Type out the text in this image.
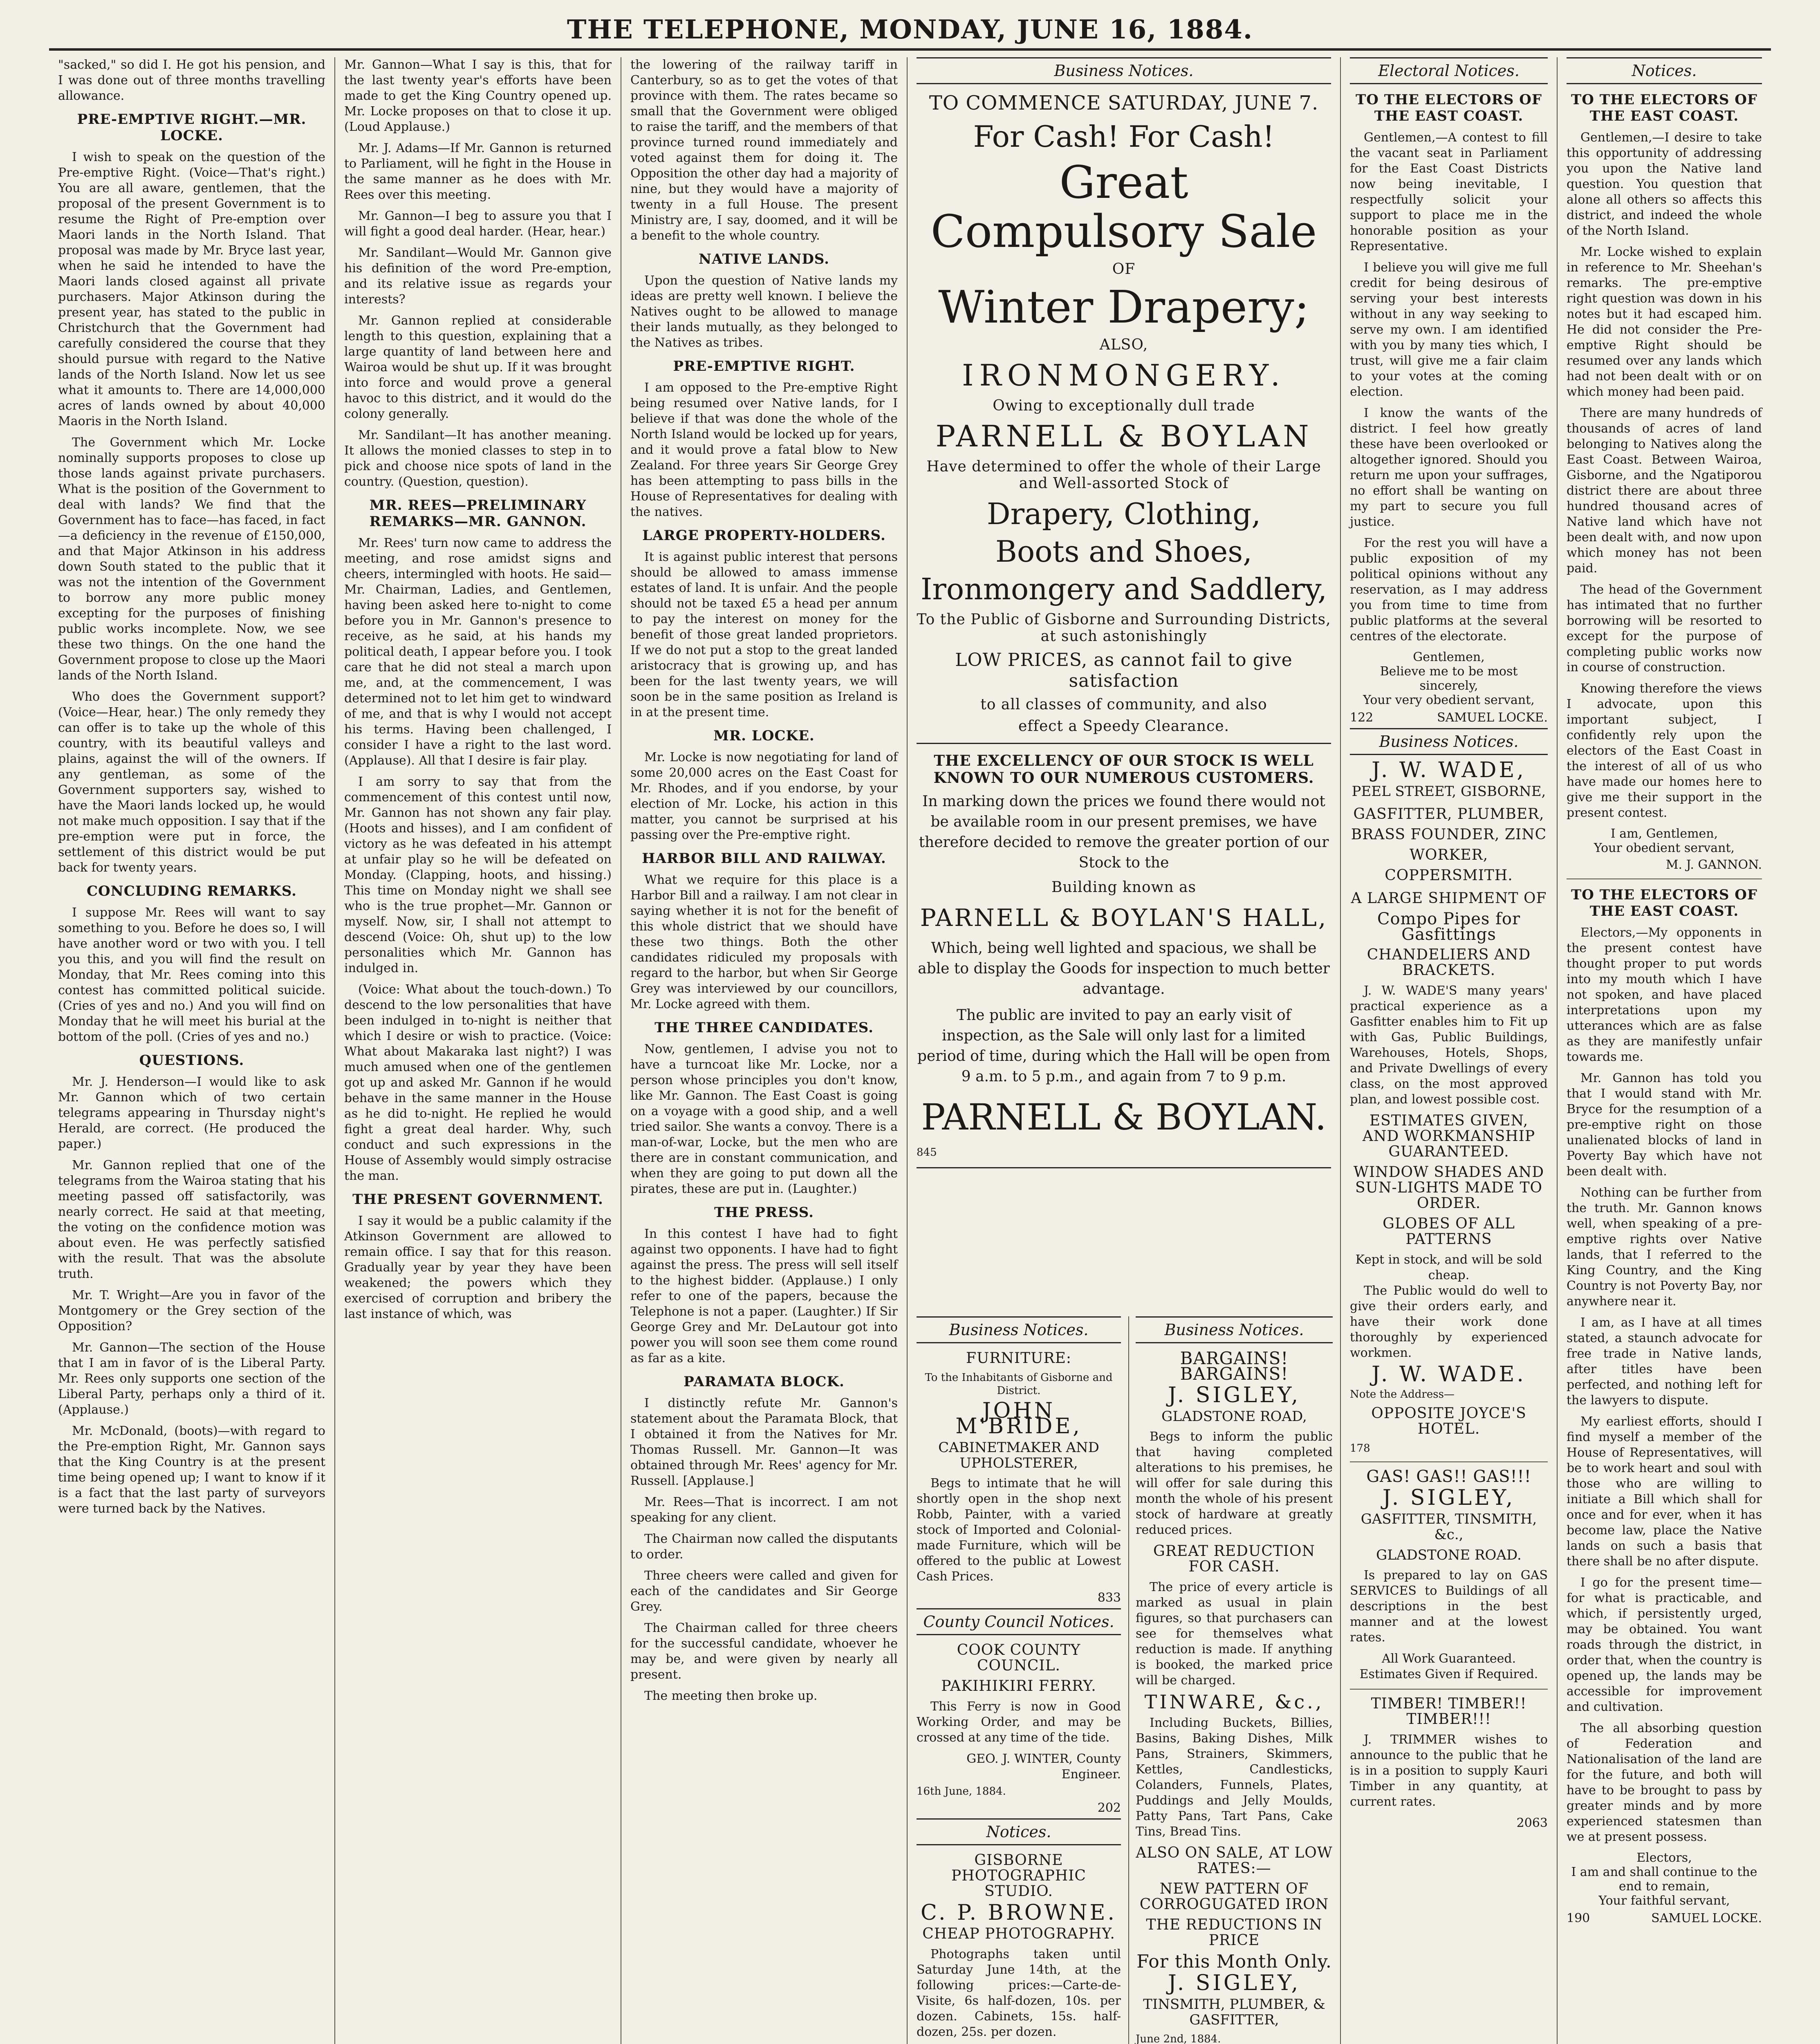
THE TELEPHONE, MONDAY, JUNE 16, 1884.

"sacked," so did I. He got his pension, and I was done out of three months travelling allowance.

PRE-EMPTIVE RIGHT.—MR. LOCKE.

I wish to speak on the question of the Pre-emptive Right. (Voice—That's right.) You are all aware, gentlemen, that the proposal of the present Government is to resume the Right of Pre-emption over Maori lands in the North Island. That proposal was made by Mr. Bryce last year, when he said he intended to have the Maori lands closed against all private purchasers. Major Atkinson during the present year, has stated to the public in Christchurch that the Government had carefully considered the course that they should pursue with regard to the Native lands of the North Island. Now let us see what it amounts to. There are 14,000,000 acres of lands owned by about 40,000 Maoris in the North Island.

The Government which Mr. Locke nominally supports proposes to close up those lands against private purchasers. What is the position of the Government to deal with lands? We find that the Government has to face—has faced, in fact—a deficiency in the revenue of £150,000, and that Major Atkinson in his address down South stated to the public that it was not the intention of the Government to borrow any more public money excepting for the purposes of finishing public works incomplete. Now, we see these two things. On the one hand the Government propose to close up the Maori lands of the North Island.

Who does the Government support? (Voice—Hear, hear.) The only remedy they can offer is to take up the whole of this country, with its beautiful valleys and plains, against the will of the owners. If any gentleman, as some of the Government supporters say, wished to have the Maori lands locked up, he would not make much opposition. I say that if the pre-emption were put in force, the settlement of this district would be put back for twenty years.

CONCLUDING REMARKS.

I suppose Mr. Rees will want to say something to you. Before he does so, I will have another word or two with you. I tell you this, and you will find the result on Monday, that Mr. Rees coming into this contest has committed political suicide. (Cries of yes and no.) And you will find on Monday that he will meet his burial at the bottom of the poll. (Cries of yes and no.)

QUESTIONS.

Mr. J. Henderson—I would like to ask Mr. Gannon which of two certain telegrams appearing in Thursday night's Herald, are correct. (He produced the paper.)

Mr. Gannon replied that one of the telegrams from the Wairoa stating that his meeting passed off satisfactorily, was nearly correct. He said at that meeting, the voting on the confidence motion was about even. He was perfectly satisfied with the result. That was the absolute truth.

Mr. T. Wright—Are you in favor of the Montgomery or the Grey section of the Opposition?

Mr. Gannon—The section of the House that I am in favor of is the Liberal Party. Mr. Rees only supports one section of the Liberal Party, perhaps only a third of it. (Applause.)

Mr. McDonald, (boots)—with regard to the Pre-emption Right, Mr. Gannon says that the King Country is at the present time being opened up; I want to know if it is a fact that the last party of surveyors were turned back by the Natives.

Mr. Gannon—What I say is this, that for the last twenty year's efforts have been made to get the King Country opened up. Mr. Locke proposes on that to close it up. (Loud Applause.)

Mr. J. Adams—If Mr. Gannon is returned to Parliament, will he fight in the House in the same manner as he does with Mr. Rees over this meeting.

Mr. Gannon—I beg to assure you that I will fight a good deal harder. (Hear, hear.)

Mr. Sandilant—Would Mr. Gannon give his definition of the word Pre-emption, and its relative issue as regards your interests?

Mr. Gannon replied at considerable length to this question, explaining that a large quantity of land between here and Wairoa would be shut up. If it was brought into force and would prove a general havoc to this district, and it would do the colony generally.

Mr. Sandilant—It has another meaning. It allows the monied classes to step in to pick and choose nice spots of land in the country. (Question, question).

MR. REES—PRELIMINARY REMARKS—MR. GANNON.

Mr. Rees' turn now came to address the meeting, and rose amidst signs and cheers, intermingled with hoots. He said—Mr. Chairman, Ladies, and Gentlemen, having been asked here to-night to come before you in Mr. Gannon's presence to receive, as he said, at his hands my political death, I appear before you. I took care that he did not steal a march upon me, and, at the commencement, I was determined not to let him get to windward of me, and that is why I would not accept his terms. Having been challenged, I consider I have a right to the last word. (Applause). All that I desire is fair play.

I am sorry to say that from the commencement of this contest until now, Mr. Gannon has not shown any fair play. (Hoots and hisses), and I am confident of victory as he was defeated in his attempt at unfair play so he will be defeated on Monday. (Clapping, hoots, and hissing.) This time on Monday night we shall see who is the true prophet—Mr. Gannon or myself. Now, sir, I shall not attempt to descend (Voice: Oh, shut up) to the low personalities which Mr. Gannon has indulged in.

(Voice: What about the touch-down.) To descend to the low personalities that have been indulged in to-night is neither that which I desire or wish to practice. (Voice: What about Makaraka last night?) I was much amused when one of the gentlemen got up and asked Mr. Gannon if he would behave in the same manner in the House as he did to-night. He replied he would fight a great deal harder. Why, such conduct and such expressions in the House of Assembly would simply ostracise the man.

THE PRESENT GOVERNMENT.

I say it would be a public calamity if the Atkinson Government are allowed to remain office. I say that for this reason. Gradually year by year they have been weakened; the powers which they exercised of corruption and bribery the last instance of which, was

the lowering of the railway tariff in Canterbury, so as to get the votes of that province with them. The rates became so small that the Government were obliged to raise the tariff, and the members of that province turned round immediately and voted against them for doing it. The Opposition the other day had a majority of nine, but they would have a majority of twenty in a full House. The present Ministry are, I say, doomed, and it will be a benefit to the whole country.

NATIVE LANDS.

Upon the question of Native lands my ideas are pretty well known. I believe the Natives ought to be allowed to manage their lands mutually, as they belonged to the Natives as tribes.

PRE-EMPTIVE RIGHT.

I am opposed to the Pre-emptive Right being resumed over Native lands, for I believe if that was done the whole of the North Island would be locked up for years, and it would prove a fatal blow to New Zealand. For three years Sir George Grey has been attempting to pass bills in the House of Representatives for dealing with the natives.

LARGE PROPERTY-HOLDERS.

It is against public interest that persons should be allowed to amass immense estates of land. It is unfair. And the people should not be taxed £5 a head per annum to pay the interest on money for the benefit of those great landed proprietors. If we do not put a stop to the great landed aristocracy that is growing up, and has been for the last twenty years, we will soon be in the same position as Ireland is in at the present time.

MR. LOCKE.

Mr. Locke is now negotiating for land of some 20,000 acres on the East Coast for Mr. Rhodes, and if you endorse, by your election of Mr. Locke, his action in this matter, you cannot be surprised at his passing over the Pre-emptive right.

HARBOR BILL AND RAILWAY.

What we require for this place is a Harbor Bill and a railway. I am not clear in saying whether it is not for the benefit of this whole district that we should have these two things. Both the other candidates ridiculed my proposals with regard to the harbor, but when Sir George Grey was interviewed by our councillors, Mr. Locke agreed with them.

THE THREE CANDIDATES.

Now, gentlemen, I advise you not to have a turncoat like Mr. Locke, nor a person whose principles you don't know, like Mr. Gannon. The East Coast is going on a voyage with a good ship, and a well tried sailor. She wants a convoy. There is a man-of-war, Locke, but the men who are there are in constant communication, and when they are going to put down all the pirates, these are put in. (Laughter.)

THE PRESS.

In this contest I have had to fight against two opponents. I have had to fight against the press. The press will sell itself to the highest bidder. (Applause.) I only refer to one of the papers, because the Telephone is not a paper. (Laughter.) If Sir George Grey and Mr. DeLautour got into power you will soon see them come round as far as a kite.

PARAMATA BLOCK.

I distinctly refute Mr. Gannon's statement about the Paramata Block, that I obtained it from the Natives for Mr. Thomas Russell. Mr. Gannon—It was obtained through Mr. Rees' agency for Mr. Russell. [Applause.]

Mr. Rees—That is incorrect. I am not speaking for any client.

The Chairman now called the disputants to order.

Three cheers were called and given for each of the candidates and Sir George Grey.

The Chairman called for three cheers for the successful candidate, whoever he may be, and were given by nearly all present.

The meeting then broke up.

Business Notices.
TO COMMENCE SATURDAY, JUNE 7.
For Cash! For Cash!
Great Compulsory Sale
OF
Winter Drapery;
ALSO,
IRONMONGERY.
Owing to exceptionally dull trade
PARNELL & BOYLAN
Have determined to offer the whole of their Large and Well-assorted Stock of
Drapery, Clothing,
Boots and Shoes,
Ironmongery and Saddlery,
To the Public of Gisborne and Surrounding Districts, at such astonishingly
LOW PRICES, as cannot fail to give satisfaction
to all classes of community, and also
effect a Speedy Clearance.
THE EXCELLENCY OF OUR STOCK IS WELL KNOWN TO OUR NUMEROUS CUSTOMERS.

In marking down the prices we found there would not be available room in our present premises, we have therefore decided to remove the greater portion of our Stock to the

Building known as
PARNELL & BOYLAN'S HALL,

Which, being well lighted and spacious, we shall be able to display the Goods for inspection to much better advantage.

The public are invited to pay an early visit of inspection, as the Sale will only last for a limited period of time, during which the Hall will be open from 9 a.m. to 5 p.m., and again from 7 to 9 p.m.

PARNELL & BOYLAN.
845
Business Notices.
FURNITURE:
To the Inhabitants of Gisborne and District.
JOHN M'BRIDE,
CABINETMAKER AND UPHOLSTERER,

Begs to intimate that he will shortly open in the shop next Robb, Painter, with a varied stock of Imported and Colonial-made Furniture, which will be offered to the public at Lowest Cash Prices.

833
County Council Notices.
COOK COUNTY COUNCIL.
PAKIHIKIRI FERRY.

This Ferry is now in Good Working Order, and may be crossed at any time of the tide.

GEO. J. WINTER, County Engineer.
16th June, 1884.
202
Notices.
GISBORNE PHOTOGRAPHIC STUDIO.
C. P. BROWNE.
CHEAP PHOTOGRAPHY.

Photographs taken until Saturday June 14th, at the following prices:—Carte-de-Visite, 6s half-dozen, 10s. per dozen. Cabinets, 15s. half-dozen, 25s. per dozen.

Business Notices.
BARGAINS! BARGAINS!
J. SIGLEY,
GLADSTONE ROAD,

Begs to inform the public that having completed alterations to his premises, he will offer for sale during this month the whole of his present stock of hardware at greatly reduced prices.

GREAT REDUCTION FOR CASH.

The price of every article is marked as usual in plain figures, so that purchasers can see for themselves what reduction is made. If anything is booked, the marked price will be charged.

TINWARE, &c.,

Including Buckets, Billies, Basins, Baking Dishes, Milk Pans, Strainers, Skimmers, Kettles, Candlesticks, Colanders, Funnels, Plates, Puddings and Jelly Moulds, Patty Pans, Tart Pans, Cake Tins, Bread Tins.

ALSO ON SALE, AT LOW RATES:—
NEW PATTERN OF CORROGUGATED IRON
THE REDUCTIONS IN PRICE
For this Month Only.
J. SIGLEY,
TINSMITH, PLUMBER, & GASFITTER,
June 2nd, 1884.
Electoral Notices.
TO THE ELECTORS OF THE EAST COAST.

Gentlemen,—A contest to fill the vacant seat in Parliament for the East Coast Districts now being inevitable, I respectfully solicit your support to place me in the honorable position as your Representative.

I believe you will give me full credit for being desirous of serving your best interests without in any way seeking to serve my own. I am identified with you by many ties which, I trust, will give me a fair claim to your votes at the coming election.

I know the wants of the district. I feel how greatly these have been overlooked or altogether ignored. Should you return me upon your suffrages, no effort shall be wanting on my part to secure you full justice.

For the rest you will have a public exposition of my political opinions without any reservation, as I may address you from time to time from public platforms at the several centres of the electorate.

Gentlemen,
Believe me to be most sincerely,
Your very obedient servant,
122	SAMUEL LOCKE.
Business Notices.
J. W. WADE,
PEEL STREET, GISBORNE,
GASFITTER, PLUMBER, BRASS FOUNDER, ZINC WORKER, COPPERSMITH.
A LARGE SHIPMENT OF
Compo Pipes for Gasfittings
CHANDELIERS AND BRACKETS.

J. W. WADE'S many years' practical experience as a Gasfitter enables him to Fit up with Gas, Public Buildings, Warehouses, Hotels, Shops, and Private Dwellings of every class, on the most approved plan, and lowest possible cost.

ESTIMATES GIVEN, AND WORKMANSHIP GUARANTEED.
WINDOW SHADES AND SUN-LIGHTS MADE TO ORDER.
GLOBES OF ALL PATTERNS
Kept in stock, and will be sold cheap.

The Public would do well to give their orders early, and have their work done thoroughly by experienced workmen.

J. W. WADE.
Note the Address—
OPPOSITE JOYCE'S HOTEL.
178
GAS! GAS!! GAS!!!
J. SIGLEY,
GASFITTER, TINSMITH, &c.,
GLADSTONE ROAD.

Is prepared to lay on GAS SERVICES to Buildings of all descriptions in the best manner and at the lowest rates.

All Work Guaranteed.
Estimates Given if Required.
TIMBER! TIMBER!! TIMBER!!!

J. TRIMMER wishes to announce to the public that he is in a position to supply Kauri Timber in any quantity, at current rates.

2063
Notices.
TO THE ELECTORS OF THE EAST COAST.

Gentlemen,—I desire to take this opportunity of addressing you upon the Native land question. You question that alone all others so affects this district, and indeed the whole of the North Island.

Mr. Locke wished to explain in reference to Mr. Sheehan's remarks. The pre-emptive right question was down in his notes but it had escaped him. He did not consider the Pre-emptive Right should be resumed over any lands which had not been dealt with or on which money had been paid.

There are many hundreds of thousands of acres of land belonging to Natives along the East Coast. Between Wairoa, Gisborne, and the Ngatiporou district there are about three hundred thousand acres of Native land which have not been dealt with, and now upon which money has not been paid.

The head of the Government has intimated that no further borrowing will be resorted to except for the purpose of completing public works now in course of construction.

Knowing therefore the views I advocate, upon this important subject, I confidently rely upon the electors of the East Coast in the interest of all of us who have made our homes here to give me their support in the present contest.

I am, Gentlemen,
Your obedient servant,
M. J. GANNON.
TO THE ELECTORS OF THE EAST COAST.

Electors,—My opponents in the present contest have thought proper to put words into my mouth which I have not spoken, and have placed interpretations upon my utterances which are as false as they are manifestly unfair towards me.

Mr. Gannon has told you that I would stand with Mr. Bryce for the resumption of a pre-emptive right on those unalienated blocks of land in Poverty Bay which have not been dealt with.

Nothing can be further from the truth. Mr. Gannon knows well, when speaking of a pre-emptive rights over Native lands, that I referred to the King Country, and the King Country is not Poverty Bay, nor anywhere near it.

I am, as I have at all times stated, a staunch advocate for free trade in Native lands, after titles have been perfected, and nothing left for the lawyers to dispute.

My earliest efforts, should I find myself a member of the House of Representatives, will be to work heart and soul with those who are willing to initiate a Bill which shall for once and for ever, when it has become law, place the Native lands on such a basis that there shall be no after dispute.

I go for the present time—for what is practicable, and which, if persistently urged, may be obtained. You want roads through the district, in order that, when the country is opened up, the lands may be accessible for improvement and cultivation.

The all absorbing question of Federation and Nationalisation of the land are for the future, and both will have to be brought to pass by greater minds and by more experienced statesmen than we at present possess.

Electors,
I am and shall continue to the end to remain,
Your faithful servant,
190	SAMUEL LOCKE.
